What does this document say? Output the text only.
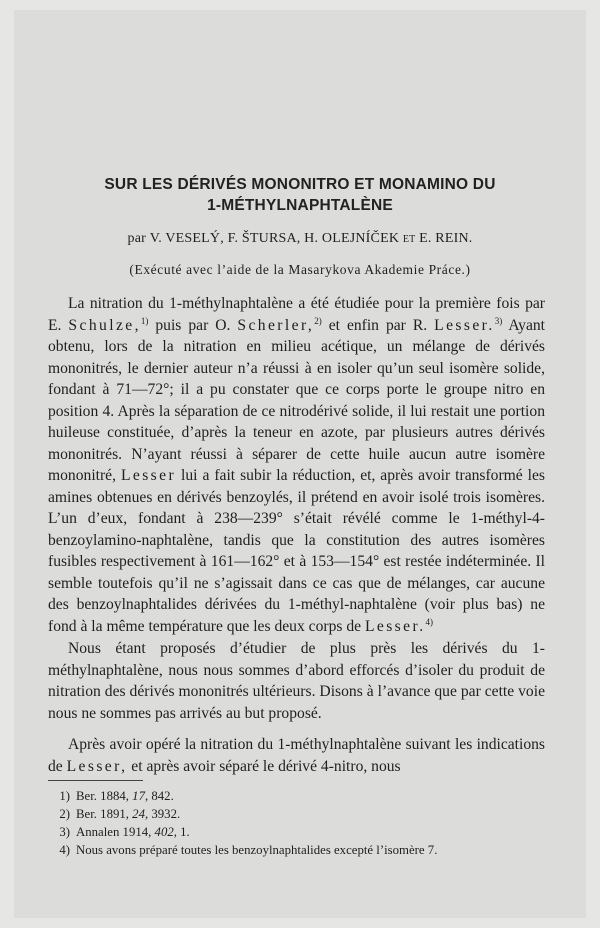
SUR LES DÉRIVÉS MONONITRO ET MONAMINO DU
1-MÉTHYLNAPHTALÈNE
par V. VESELÝ, F. ŠTURSA, H. OLEJNÍČEK et E. REIN.
(Exécuté avec l’aide de la Masarykova Akademie Práce.)

La nitration du 1-méthylnaphtalène a été étudiée pour la première fois par E. Schulze,$^{1)}$ puis par O. Scherler,$^{2)}$ et enfin par R. Lesser.$^{3)}$ Ayant obtenu, lors de la nitration en milieu acétique, un mélange de dérivés mononitrés, le dernier auteur n’a réussi à en isoler qu’un seul isomère solide, fondant à 71—72°; il a pu constater que ce corps porte le groupe nitro en position 4. Après la séparation de ce nitrodérivé solide, il lui restait une portion huileuse constituée, d’après la teneur en azote, par plusieurs autres dérivés mononitrés. N’ayant réussi à séparer de cette huile aucun autre isomère mononitré, Lesser lui a fait subir la réduction, et, après avoir transformé les amines obtenues en dérivés benzoylés, il prétend en avoir isolé trois isomères. L’un d’eux, fondant à 238—239° s’était révélé comme le 1-méthyl-4-benzoylamino-naphtalène, tandis que la constitution des autres isomères fusibles respectivement à 161—162° et à 153—154° est restée indéterminée. Il semble toutefois qu’il ne s’agissait dans ce cas que de mélanges, car aucune des benzoylnaphtalides dérivées du 1-méthyl-naphtalène (voir plus bas) ne fond à la même température que les deux corps de Lesser.$^{4)}$

Nous étant proposés d’étudier de plus près les dérivés du 1-méthylnaphtalène, nous nous sommes d’abord efforcés d’isoler du produit de nitration des dérivés mononitrés ultérieurs. Disons à l’avance que par cette voie nous ne sommes pas arrivés au but proposé.

Après avoir opéré la nitration du 1-méthylnaphtalène suivant les indications de Lesser, et après avoir séparé le dérivé 4-nitro, nous

1) Ber. 1884, 17, 842.
2) Ber. 1891, 24, 3932.
3) Annalen 1914, 402, 1.
4) Nous avons préparé toutes les benzoylnaphtalides excepté l’isomère 7.
